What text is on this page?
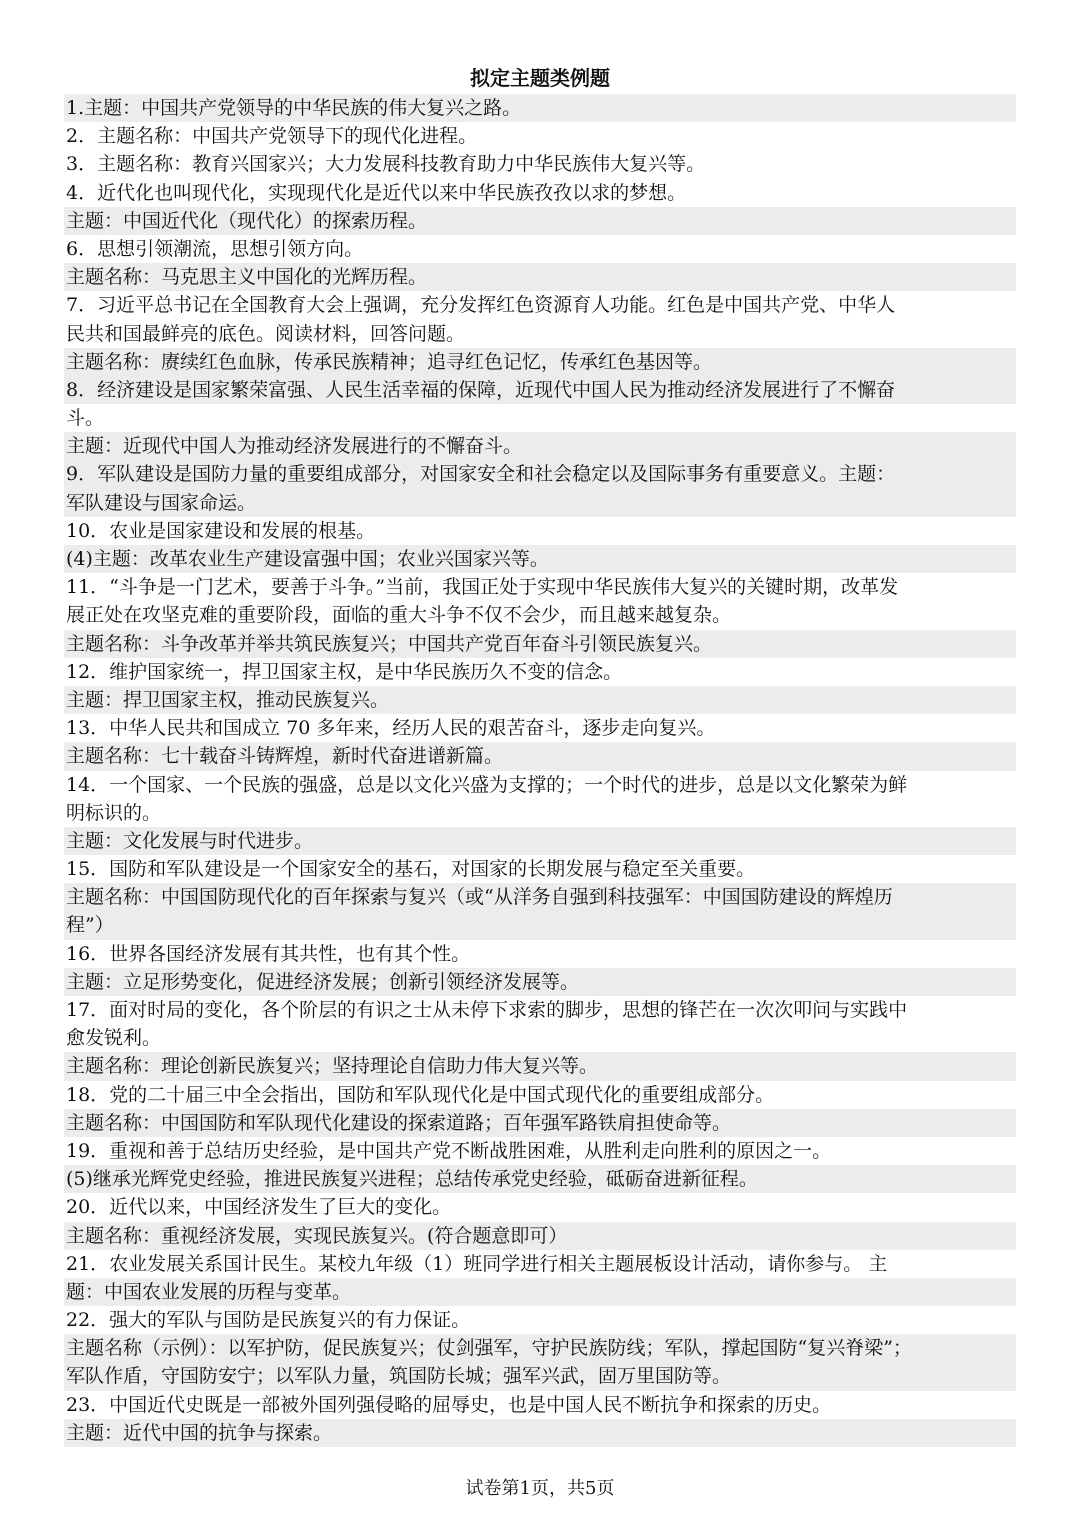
拟定主题类例题
1.主题：中国共产党领导的中华民族的伟大复兴之路。
2．主题名称：中国共产党领导下的现代化进程。
3．主题名称：教育兴国家兴；大力发展科技教育助力中华民族伟大复兴等。
4．近代化也叫现代化，实现现代化是近代以来中华民族孜孜以求的梦想。
主题：中国近代化（现代化）的探索历程。
6．思想引领潮流，思想引领方向。
主题名称：马克思主义中国化的光辉历程。
7．习近平总书记在全国教育大会上强调，充分发挥红色资源育人功能。红色是中国共产党、中华人
民共和国最鲜亮的底色。阅读材料，回答问题。
主题名称：赓续红色血脉，传承民族精神；追寻红色记忆，传承红色基因等。
8．经济建设是国家繁荣富强、人民生活幸福的保障，近现代中国人民为推动经济发展进行了不懈奋
斗。
主题：近现代中国人为推动经济发展进行的不懈奋斗。
9．军队建设是国防力量的重要组成部分，对国家安全和社会稳定以及国际事务有重要意义。主题：
军队建设与国家命运。
10．农业是国家建设和发展的根基。
(4)主题：改革农业生产建设富强中国；农业兴国家兴等。
11．“斗争是一门艺术，要善于斗争。”当前，我国正处于实现中华民族伟大复兴的关键时期，改革发
展正处在攻坚克难的重要阶段，面临的重大斗争不仅不会少，而且越来越复杂。
主题名称：斗争改革并举共筑民族复兴；中国共产党百年奋斗引领民族复兴。
12．维护国家统一，捍卫国家主权，是中华民族历久不变的信念。
主题：捍卫国家主权，推动民族复兴。
13．中华人民共和国成立 70 多年来，经历人民的艰苦奋斗，逐步走向复兴。
主题名称：七十载奋斗铸辉煌，新时代奋进谱新篇。
14．一个国家、一个民族的强盛，总是以文化兴盛为支撑的；一个时代的进步，总是以文化繁荣为鲜
明标识的。
主题：文化发展与时代进步。
15．国防和军队建设是一个国家安全的基石，对国家的长期发展与稳定至关重要。
主题名称：中国国防现代化的百年探索与复兴（或“从洋务自强到科技强军：中国国防建设的辉煌历
程”）
16．世界各国经济发展有其共性，也有其个性。
主题：立足形势变化，促进经济发展；创新引领经济发展等。
17．面对时局的变化，各个阶层的有识之士从未停下求索的脚步，思想的锋芒在一次次叩问与实践中
愈发锐利。
主题名称：理论创新民族复兴；坚持理论自信助力伟大复兴等。
18．党的二十届三中全会指出，国防和军队现代化是中国式现代化的重要组成部分。
主题名称：中国国防和军队现代化建设的探索道路；百年强军路铁肩担使命等。
19．重视和善于总结历史经验，是中国共产党不断战胜困难，从胜利走向胜利的原因之一。
(5)继承光辉党史经验，推进民族复兴进程；总结传承党史经验，砥砺奋进新征程。
20．近代以来，中国经济发生了巨大的变化。
主题名称：重视经济发展，实现民族复兴。(符合题意即可）
21．农业发展关系国计民生。某校九年级（1）班同学进行相关主题展板设计活动，请你参与。 主
题：中国农业发展的历程与变革。
22．强大的军队与国防是民族复兴的有力保证。
主题名称（示例）：以军护防，促民族复兴；仗剑强军，守护民族防线；军队，撑起国防“复兴脊梁”；
军队作盾，守国防安宁；以军队力量，筑国防长城；强军兴武，固万里国防等。
23．中国近代史既是一部被外国列强侵略的屈辱史，也是中国人民不断抗争和探索的历史。
主题：近代中国的抗争与探索。
试卷第1页，共5页
